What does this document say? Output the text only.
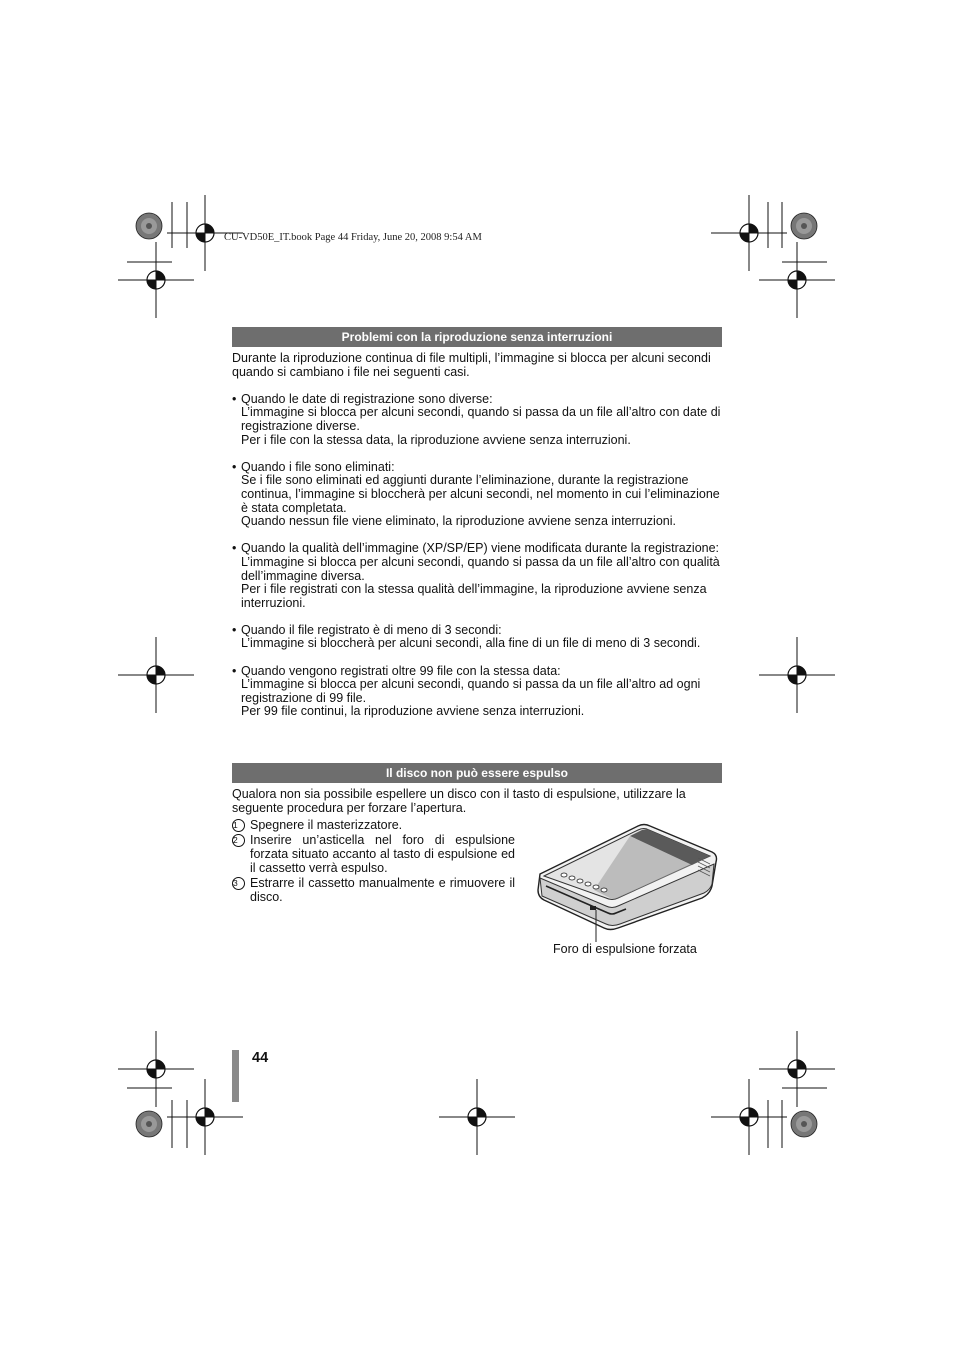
CU-VD50E_IT.book Page 44 Friday, June 20, 2008 9:54 AM
Problemi con la riproduzione senza interruzioni

Durante la riproduzione continua di file multipli, l’immagine si blocca per alcuni secondi quando si cambiano i file nei seguenti casi.

• Quando le date di registrazione sono diverse:
L’immagine si blocca per alcuni secondi, quando si passa da un file all’altro con date di registrazione diverse.
Per i file con la stessa data, la riproduzione avviene senza interruzioni.
• Quando i file sono eliminati:
Se i file sono eliminati ed aggiunti durante l’eliminazione, durante la registrazione continua, l’immagine si bloccherà per alcuni secondi, nel momento in cui l’eliminazione è stata completata.
Quando nessun file viene eliminato, la riproduzione avviene senza interruzioni.
• Quando la qualità dell’immagine (XP/SP/EP) viene modificata durante la registrazione:
L’immagine si blocca per alcuni secondi, quando si passa da un file all’altro con qualità dell’immagine diversa.
Per i file registrati con la stessa qualità dell’immagine, la riproduzione avviene senza interruzioni.
• Quando il file registrato è di meno di 3 secondi:
L’immagine si bloccherà per alcuni secondi, alla fine di un file di meno di 3 secondi.
• Quando vengono registrati oltre 99 file con la stessa data:
L’immagine si blocca per alcuni secondi, quando si passa da un file all’altro ad ogni registrazione di 99 file.
Per 99 file continui, la riproduzione avviene senza interruzioni.
Il disco non può essere espulso
Qualora non sia possibile espellere un disco con il tasto di espulsione, utilizzare la seguente procedura per forzare l’apertura.
1 Spegnere il masterizzatore.
2 Inserire un’asticella nel foro di espulsione forzata situato accanto al tasto di espulsione ed il cassetto verrà espulso.
3 Estrarre il cassetto manualmente e rimuovere il disco.
Foro di espulsione forzata
44
